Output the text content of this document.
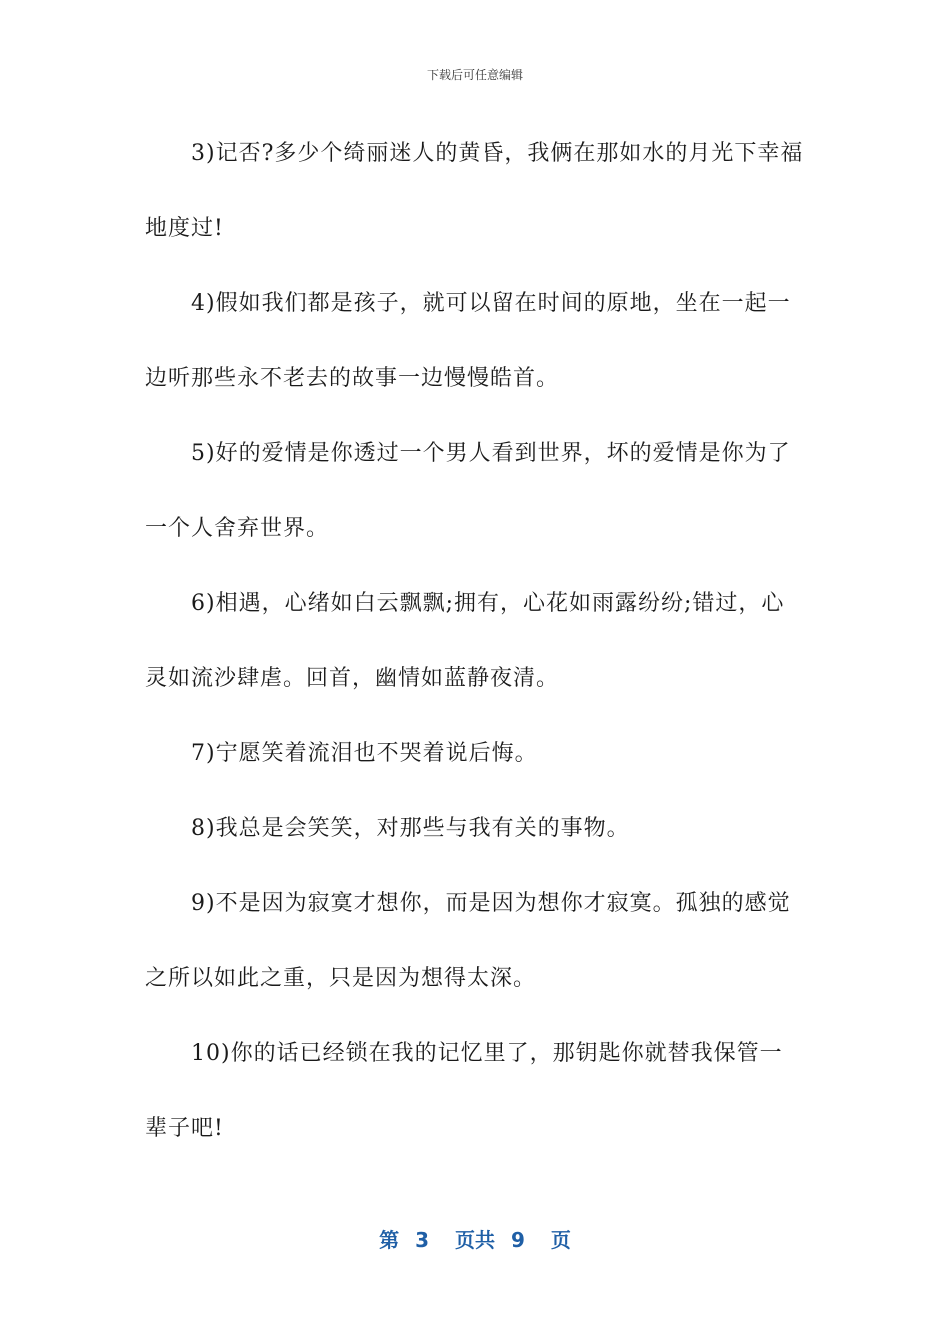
下载后可任意编辑

3)记否?多少个绮丽迷人的黄昏，我俩在那如水的月光下幸福地度过!

4)假如我们都是孩子，就可以留在时间的原地，坐在一起一边听那些永不老去的故事一边慢慢皓首。

5)好的爱情是你透过一个男人看到世界，坏的爱情是你为了一个人舍弃世界。

6)相遇，心绪如白云飘飘;拥有，心花如雨露纷纷;错过，心灵如流沙肆虐。回首，幽情如蓝静夜清。

7)宁愿笑着流泪也不哭着说后悔。

8)我总是会笑笑，对那些与我有关的事物。

9)不是因为寂寞才想你，而是因为想你才寂寞。孤独的感觉之所以如此之重，只是因为想得太深。

10)你的话已经锁在我的记忆里了，那钥匙你就替我保管一辈子吧!

第 3 页共 9 页
